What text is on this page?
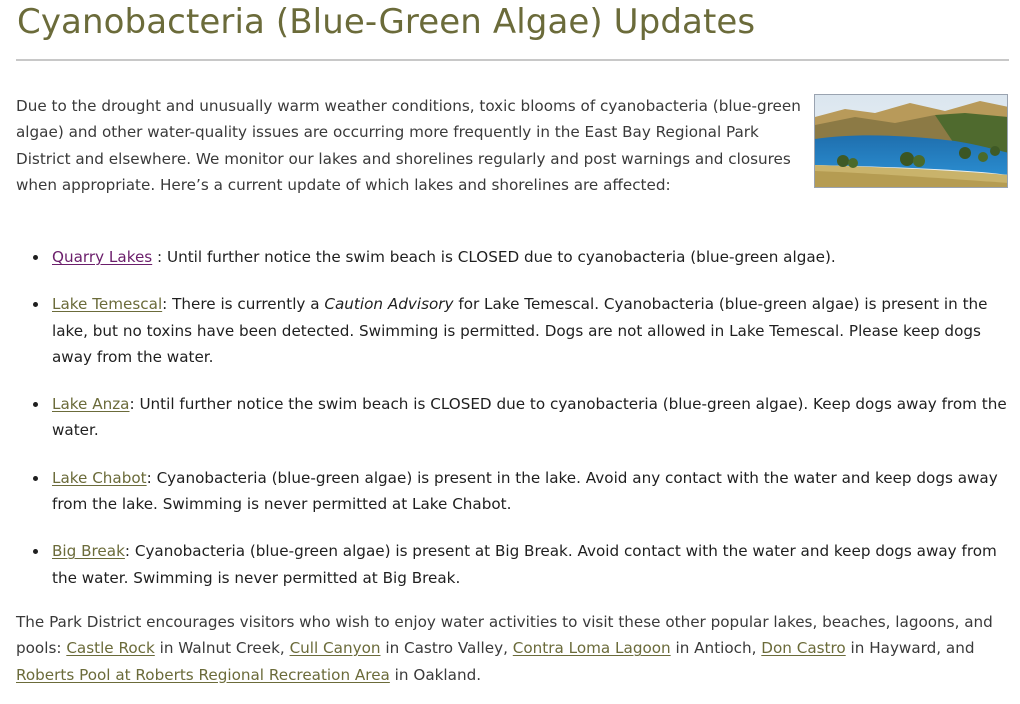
Cyanobacteria (Blue-Green Algae) Updates

Due to the drought and unusually warm weather conditions, toxic blooms of cyanobacteria (blue-green algae) and other water-quality issues are occurring more frequently in the East Bay Regional Park District and elsewhere. We monitor our lakes and shorelines regularly and post warnings and closures when appropriate. Here’s a current update of which lakes and shorelines are affected:

Quarry Lakes : Until further notice the swim beach is CLOSED due to cyanobacteria (blue-green algae).
Lake Temescal: There is currently a Caution Advisory for Lake Temescal. Cyanobacteria (blue-green algae) is present in the lake, but no toxins have been detected. Swimming is permitted. Dogs are not allowed in Lake Temescal. Please keep dogs away from the water.
Lake Anza: Until further notice the swim beach is CLOSED due to cyanobacteria (blue-green algae). Keep dogs away from the water.
Lake Chabot: Cyanobacteria (blue-green algae) is present in the lake. Avoid any contact with the water and keep dogs away from the lake. Swimming is never permitted at Lake Chabot.
Big Break: Cyanobacteria (blue-green algae) is present at Big Break. Avoid contact with the water and keep dogs away from the water. Swimming is never permitted at Big Break.

The Park District encourages visitors who wish to enjoy water activities to visit these other popular lakes, beaches, lagoons, and pools: Castle Rock in Walnut Creek, Cull Canyon in Castro Valley, Contra Loma Lagoon in Antioch, Don Castro in Hayward, and Roberts Pool at Roberts Regional Recreation Area in Oakland.
